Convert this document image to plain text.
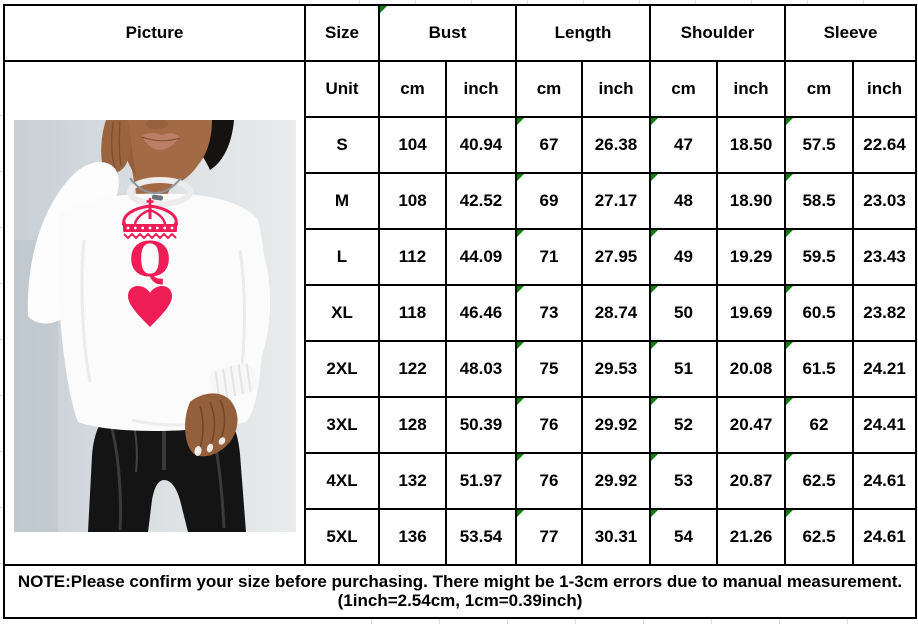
Picture	Size	Bust		Length		Shoulder		Sleeve	

Q	Unit	cm	inch	cm	inch	cm	inch	cm	inch
	S	104	40.94	67	26.38	47	18.50	57.5	22.64
	M	108	42.52	69	27.17	48	18.90	58.5	23.03
	L	112	44.09	71	27.95	49	19.29	59.5	23.43
	XL	118	46.46	73	28.74	50	19.69	60.5	23.82
	2XL	122	48.03	75	29.53	51	20.08	61.5	24.21
	3XL	128	50.39	76	29.92	52	20.47	62	24.41
	4XL	132	51.97	76	29.92	53	20.87	62.5	24.61
	5XL	136	53.54	77	30.31	54	21.26	62.5	24.61

NOTE:Please confirm your size before purchasing. There might be 1-3cm errors due to manual measurement.
(1inch=2.54cm, 1cm=0.39inch)									
